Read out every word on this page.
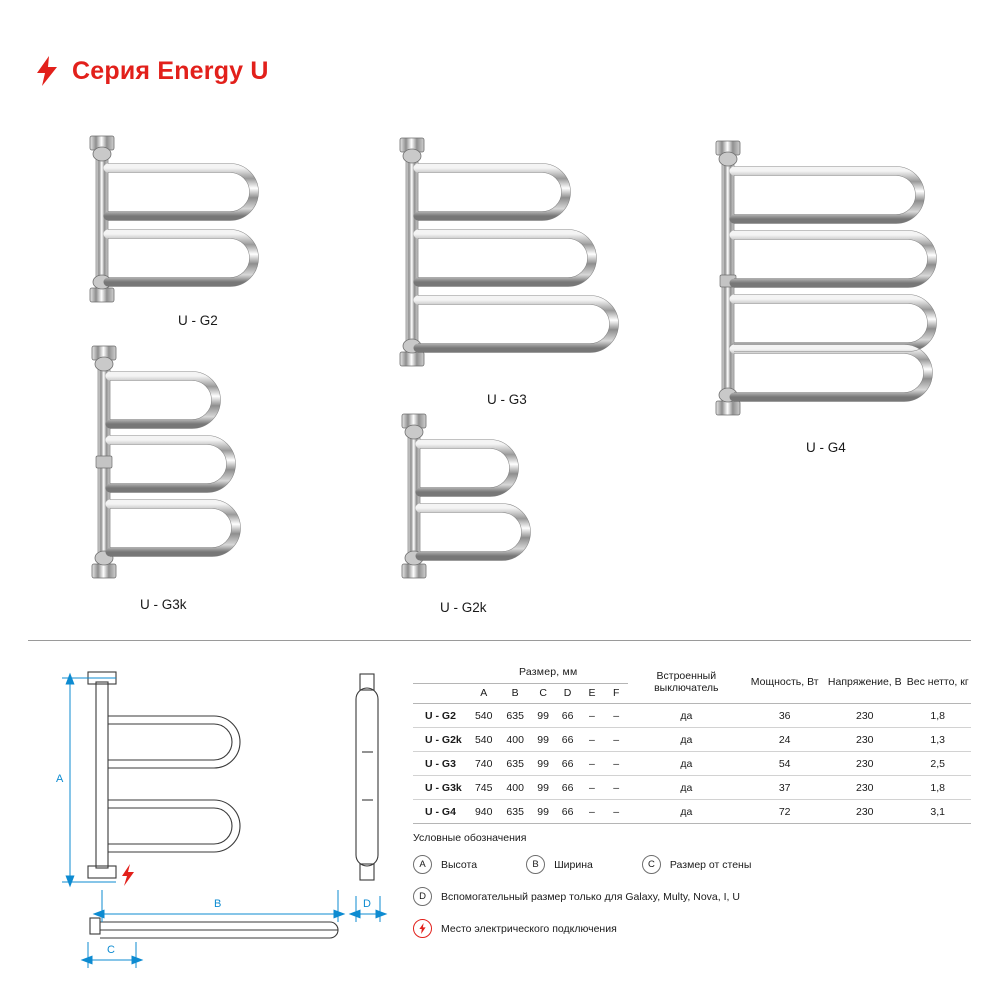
Серия Energy U
U - G2
U - G3
U - G4
U - G3k	U - G2k
A
B
C
D
	Размер, мм						Встроенный выключатель	Мощность, Вт	Напряжение, В	Вес нетто, кг
	A	B	C	D	E	F				
U - G2	540	635	99	66	–	–	да	36	230	1,8
U - G2k	540	400	99	66	–	–	да	24	230	1,3
U - G3	740	635	99	66	–	–	да	54	230	2,5
U - G3k	745	400	99	66	–	–	да	37	230	1,8
U - G4	940	635	99	66	–	–	да	72	230	3,1
Условные обозначения
A	Высота	B	Ширина	C	Размер от стены
D	Вспомогательный размер только для Galaxy, Multy, Nova, I, U
Место электрического подключения
